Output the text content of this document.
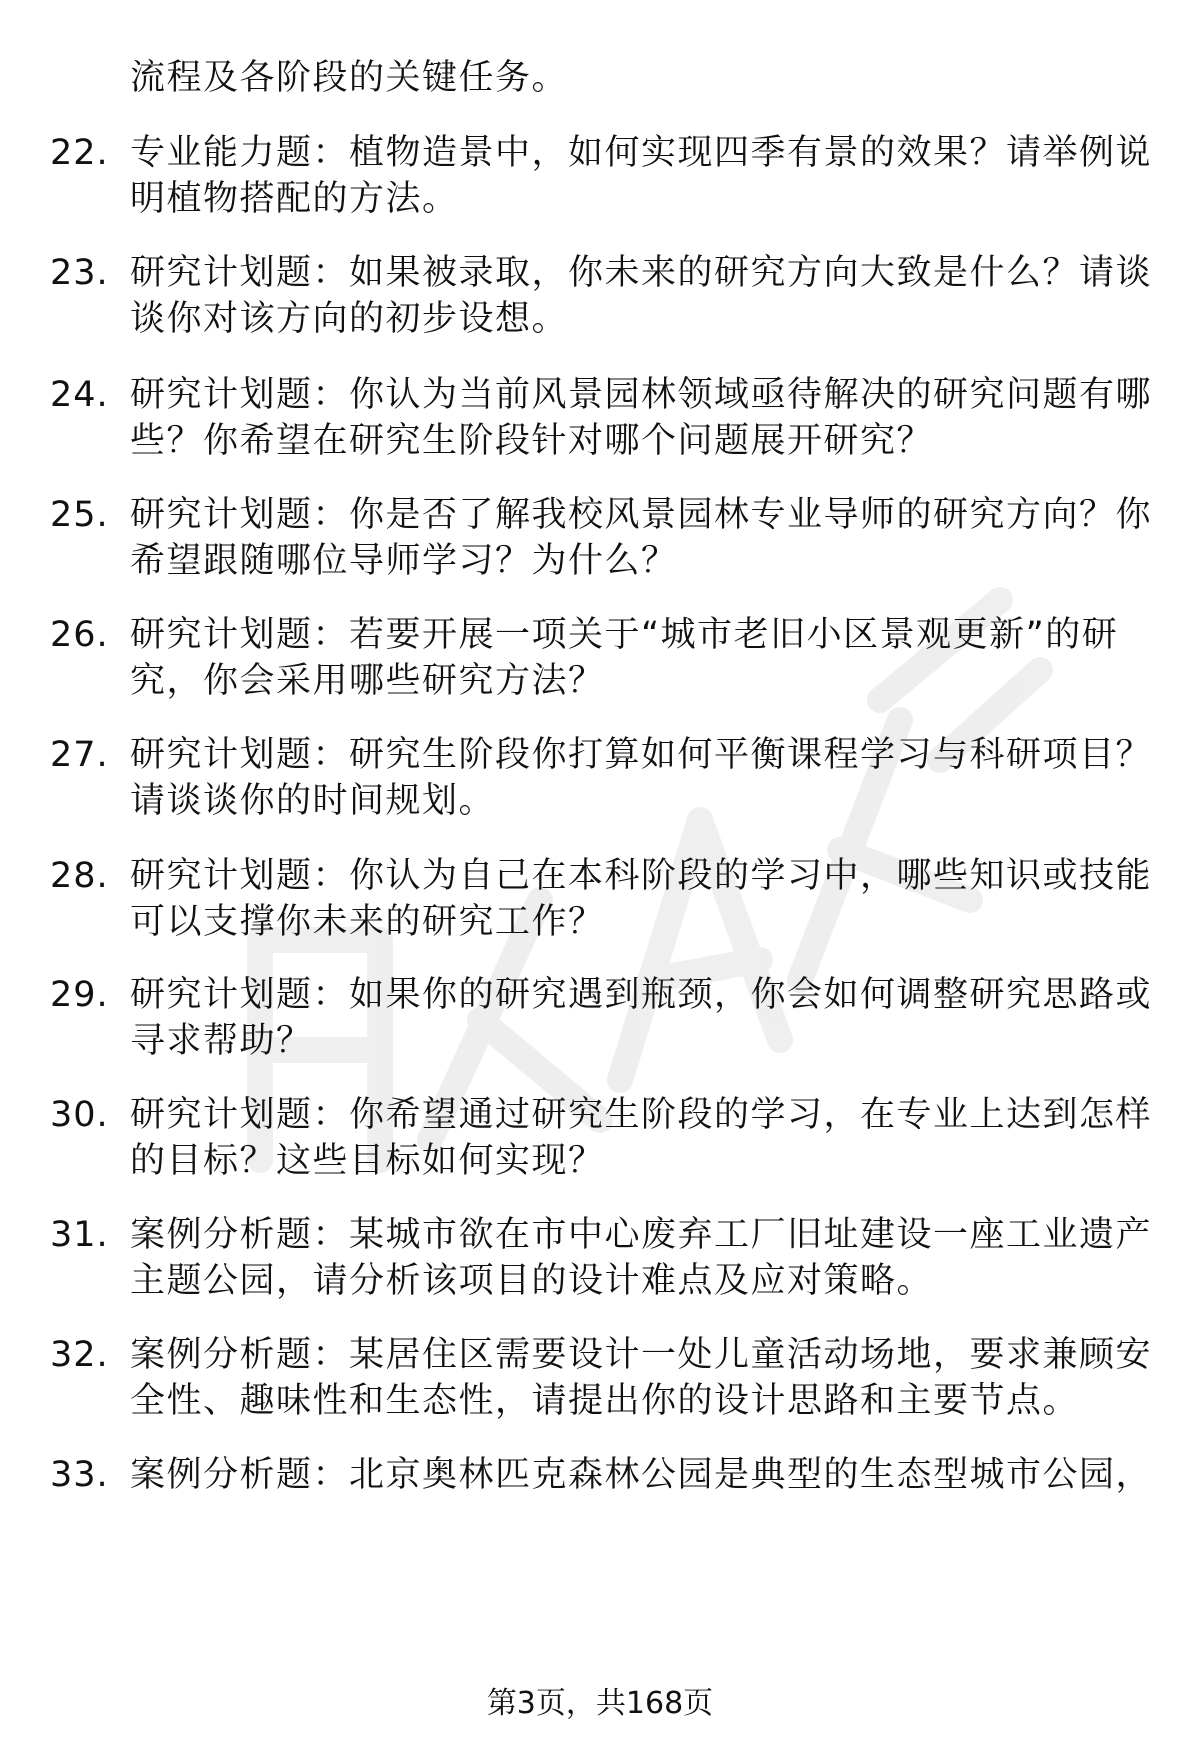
流程及各阶段的关键任务。
22. 专业能力题：植物造景中，如何实现四季有景的效果？请举例说
明植物搭配的方法。
23. 研究计划题：如果被录取，你未来的研究方向大致是什么？请谈
谈你对该方向的初步设想。
24. 研究计划题：你认为当前风景园林领域亟待解决的研究问题有哪
些？你希望在研究生阶段针对哪个问题展开研究？
25. 研究计划题：你是否了解我校风景园林专业导师的研究方向？你
希望跟随哪位导师学习？为什么？
26. 研究计划题：若要开展一项关于“城市老旧小区景观更新”的研
究，你会采用哪些研究方法？
27. 研究计划题：研究生阶段你打算如何平衡课程学习与科研项目？
请谈谈你的时间规划。
28. 研究计划题：你认为自己在本科阶段的学习中，哪些知识或技能
可以支撑你未来的研究工作？
29. 研究计划题：如果你的研究遇到瓶颈，你会如何调整研究思路或
寻求帮助？
30. 研究计划题：你希望通过研究生阶段的学习，在专业上达到怎样
的目标？这些目标如何实现？
31. 案例分析题：某城市欲在市中心废弃工厂旧址建设一座工业遗产
主题公园，请分析该项目的设计难点及应对策略。
32. 案例分析题：某居住区需要设计一处儿童活动场地，要求兼顾安
全性、趣味性和生态性，请提出你的设计思路和主要节点。
33. 案例分析题：北京奥林匹克森林公园是典型的生态型城市公园，
第3页，共168页
